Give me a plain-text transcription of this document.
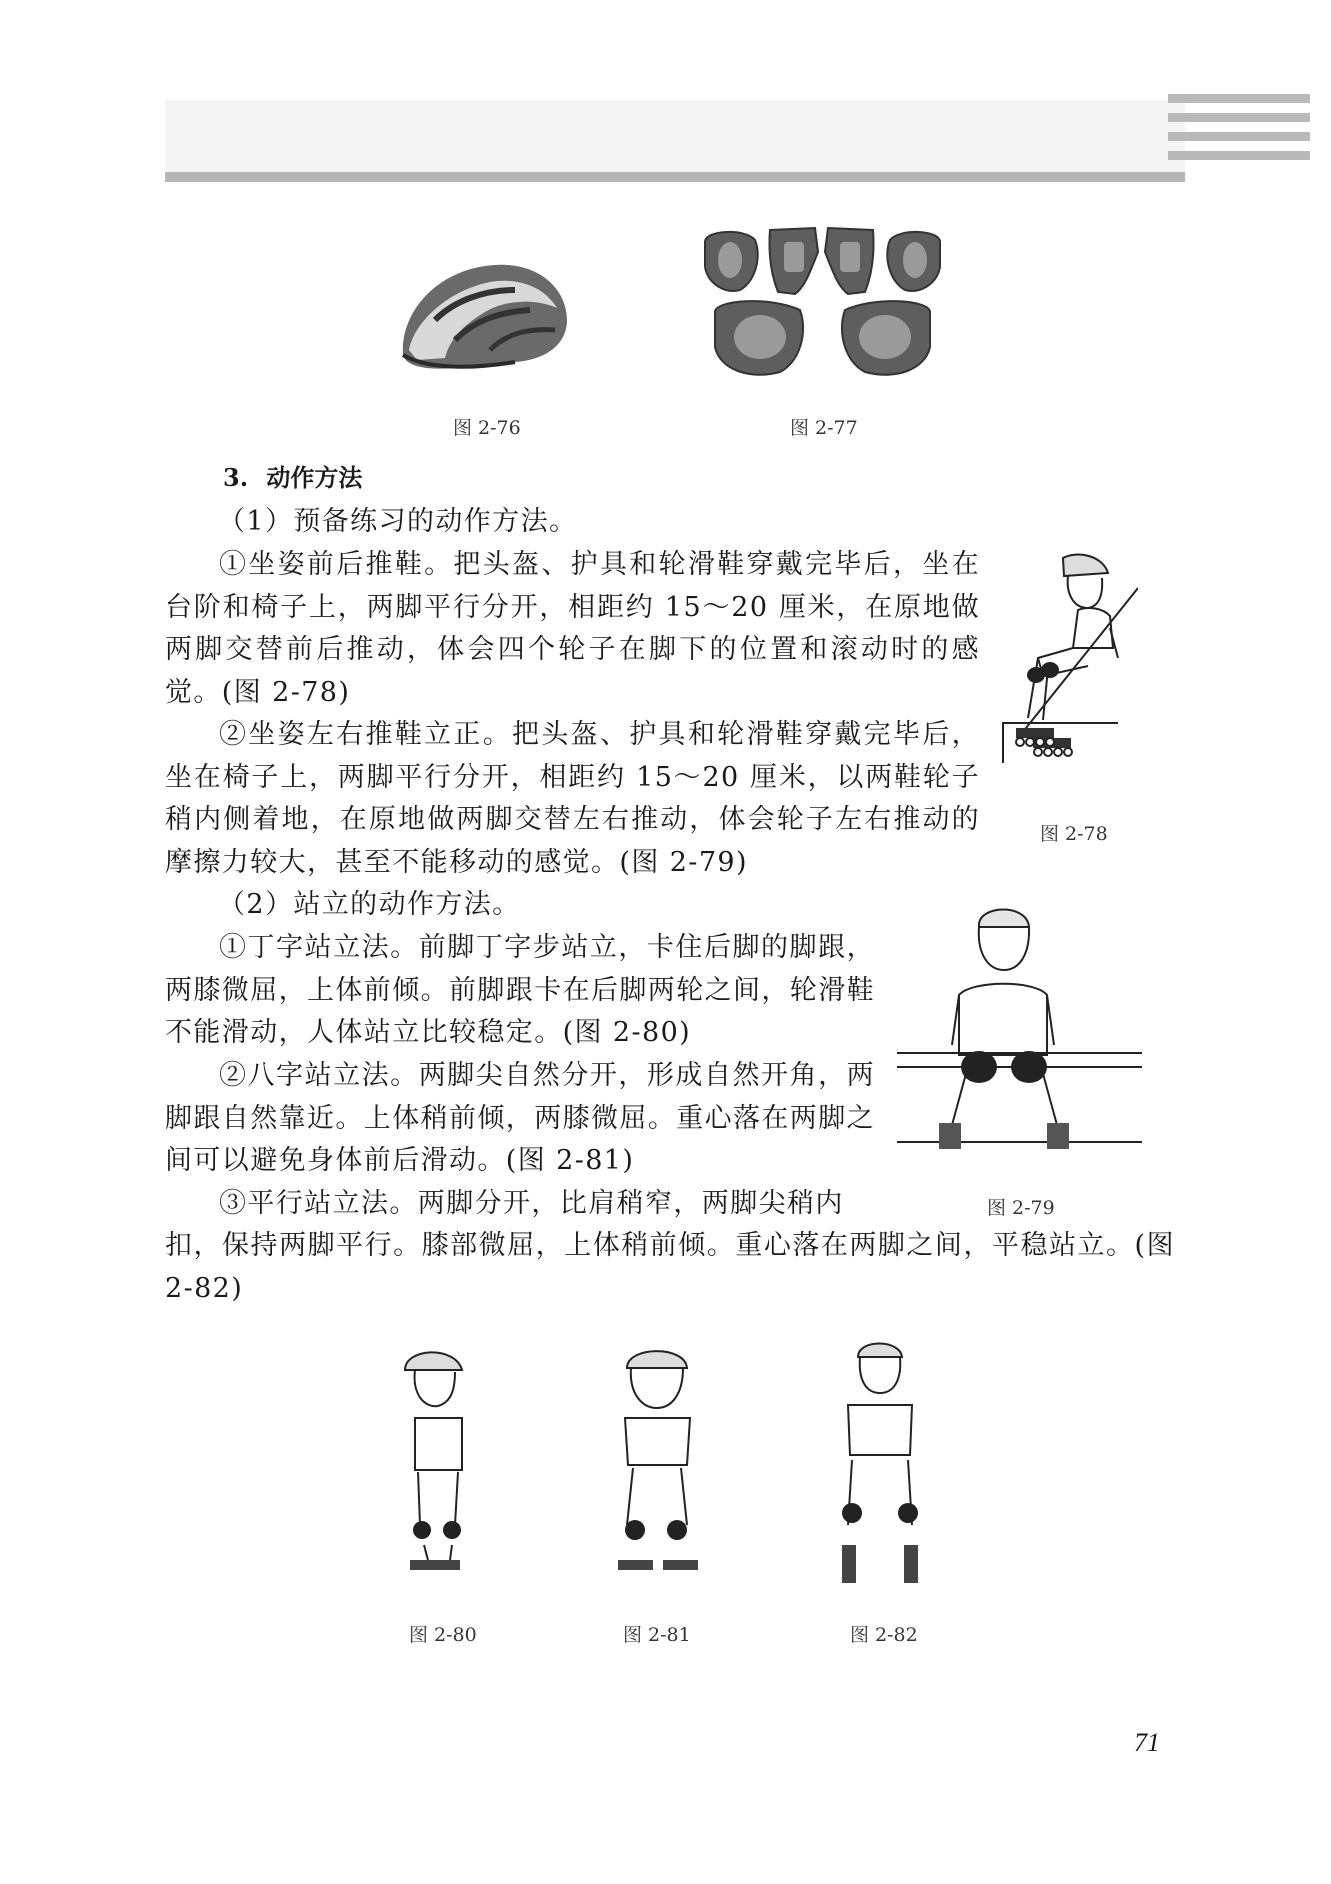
图 2-76	图 2-77
3. 动作方法

（1）预备练习的动作方法。

①坐姿前后推鞋。把头盔、护具和轮滑鞋穿戴完毕后，坐在台阶和椅子上，两脚平行分开，相距约 15～20 厘米，在原地做两脚交替前后推动，体会四个轮子在脚下的位置和滚动时的感觉。(图 2-78)

图 2-78

②坐姿左右推鞋立正。把头盔、护具和轮滑鞋穿戴完毕后，坐在椅子上，两脚平行分开，相距约 15～20 厘米，以两鞋轮子稍内侧着地，在原地做两脚交替左右推动，体会轮子左右推动的摩擦力较大，甚至不能移动的感觉。(图 2-79)

（2）站立的动作方法。

图 2-79

①丁字站立法。前脚丁字步站立，卡住后脚的脚跟，两膝微屈，上体前倾。前脚跟卡在后脚两轮之间，轮滑鞋不能滑动，人体站立比较稳定。(图 2-80)

②八字站立法。两脚尖自然分开，形成自然开角，两脚跟自然靠近。上体稍前倾，两膝微屈。重心落在两脚之间可以避免身体前后滑动。(图 2-81)

③平行站立法。两脚分开，比肩稍窄，两脚尖稍内

扣，保持两脚平行。膝部微屈，上体稍前倾。重心落在两脚之间，平稳站立。(图 2-82)

图 2-80	图 2-81	图 2-82
71
